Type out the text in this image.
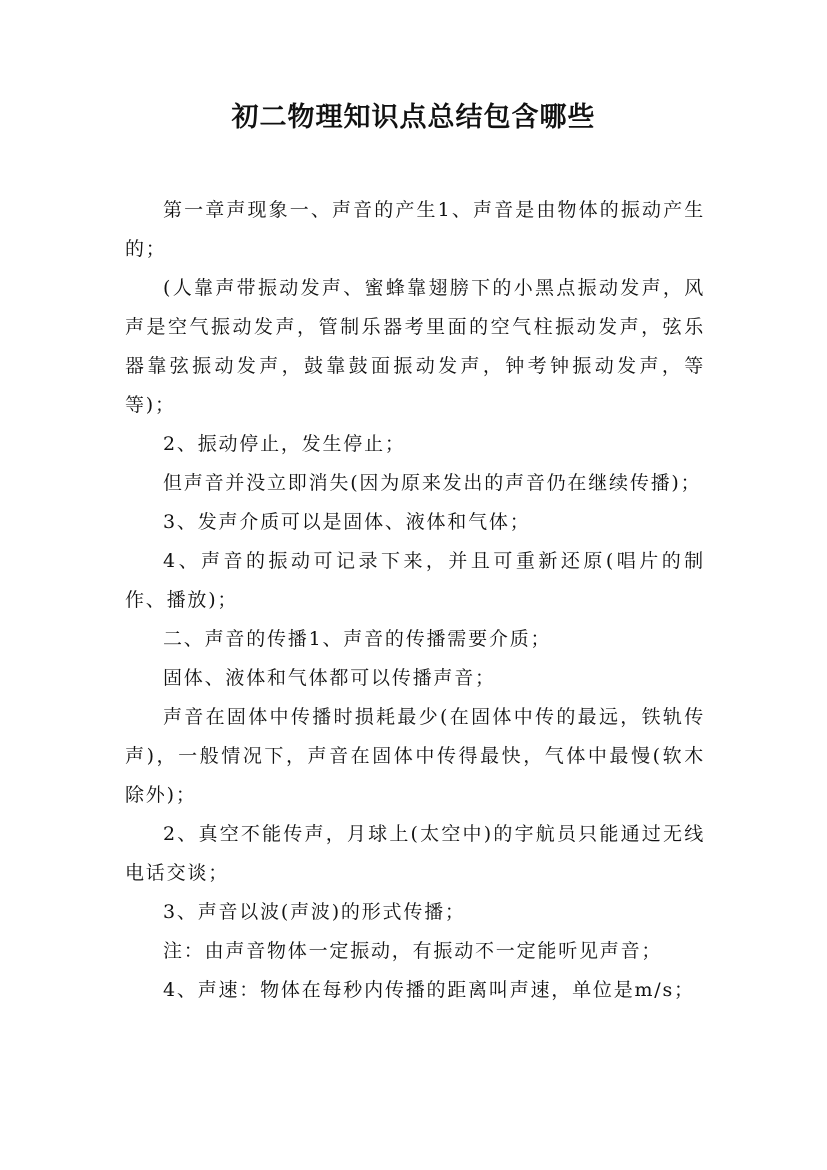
初二物理知识点总结包含哪些

第一章声现象一、声音的产生1、声音是由物体的振动产生的；

(人靠声带振动发声、蜜蜂靠翅膀下的小黑点振动发声，风声是空气振动发声，管制乐器考里面的空气柱振动发声，弦乐器靠弦振动发声，鼓靠鼓面振动发声，钟考钟振动发声，等等)；

2、振动停止，发生停止；

但声音并没立即消失(因为原来发出的声音仍在继续传播)；

3、发声介质可以是固体、液体和气体；

4、声音的振动可记录下来，并且可重新还原(唱片的制作、播放)；

二、声音的传播1、声音的传播需要介质；

固体、液体和气体都可以传播声音；

声音在固体中传播时损耗最少(在固体中传的最远，铁轨传声)，一般情况下，声音在固体中传得最快，气体中最慢(软木除外)；

2、真空不能传声，月球上(太空中)的宇航员只能通过无线电话交谈；

3、声音以波(声波)的形式传播；

注：由声音物体一定振动，有振动不一定能听见声音；

4、声速：物体在每秒内传播的距离叫声速，单位是m/s；
